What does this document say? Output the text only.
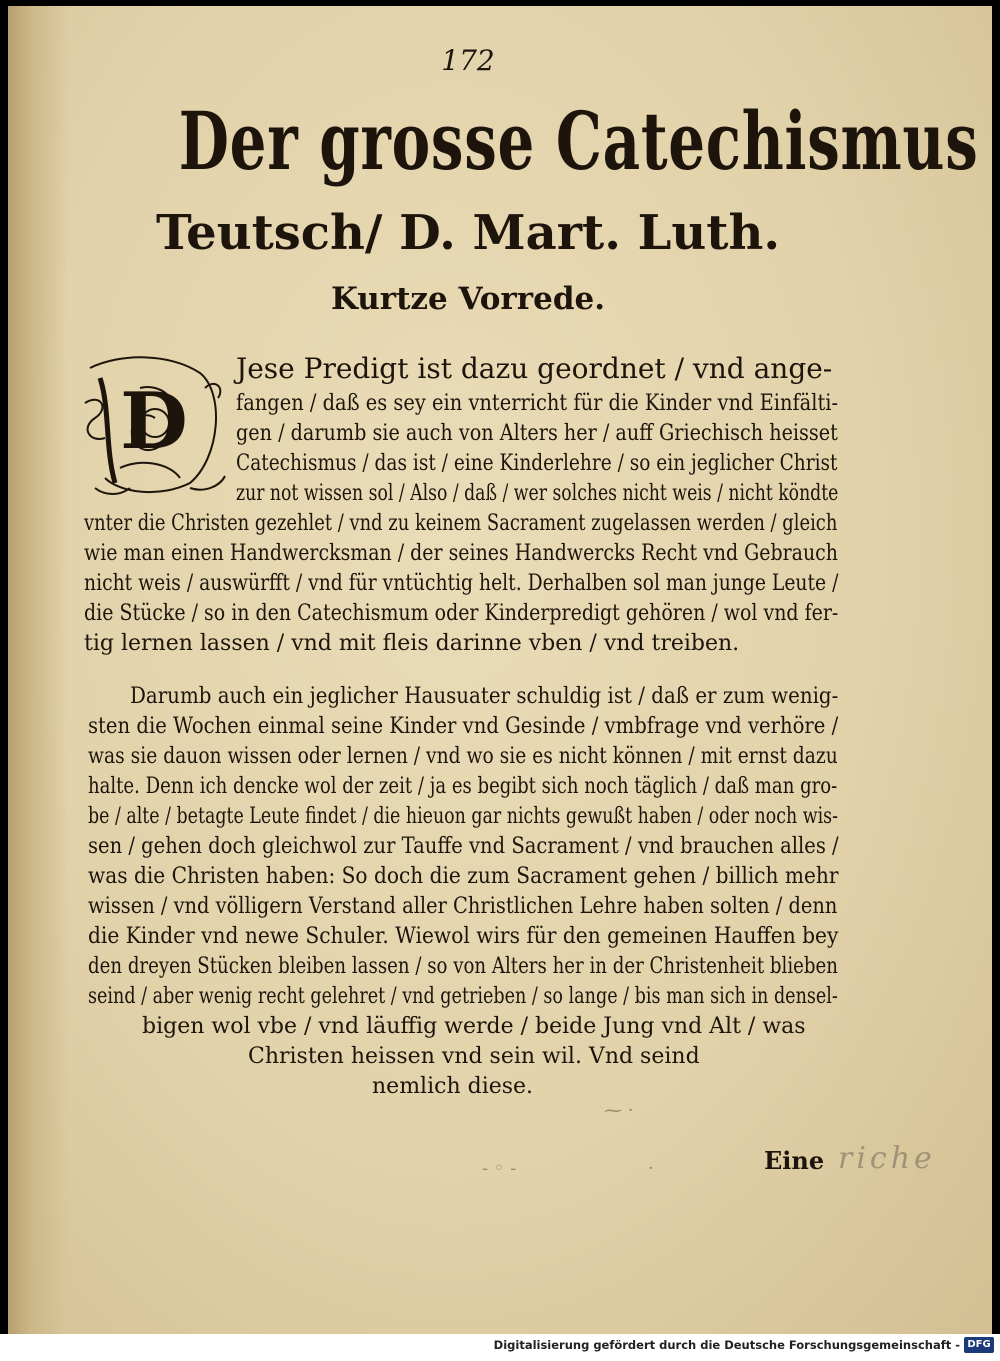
172
Der grosse Catechismus
Teutsch/ D. Mart. Luth.
Kurtze Vorrede.
D
Jese Predigt ist dazu geordnet / vnd ange-
fangen / daß es sey ein vnterricht für die Kinder vnd Einfälti-
gen / darumb sie auch von Alters her / auff Griechisch heisset
Catechismus / das ist / eine Kinderlehre / so ein jeglicher Christ
zur not wissen sol / Also / daß / wer solches nicht weis / nicht köndte
vnter die Christen gezehlet / vnd zu keinem Sacrament zugelassen werden / gleich
wie man einen Handwercksman / der seines Handwercks Recht vnd Gebrauch
nicht weis / auswürfft / vnd für vntüchtig helt. Derhalben sol man junge Leute /
die Stücke / so in den Catechismum oder Kinderpredigt gehören / wol vnd fer-
tig lernen lassen / vnd mit fleis darinne vben / vnd treiben.
Darumb auch ein jeglicher Hausuater schuldig ist / daß er zum wenig-
sten die Wochen einmal seine Kinder vnd Gesinde / vmbfrage vnd verhöre /
was sie dauon wissen oder lernen / vnd wo sie es nicht können / mit ernst dazu
halte. Denn ich dencke wol der zeit / ja es begibt sich noch täglich / daß man gro-
be / alte / betagte Leute findet / die hieuon gar nichts gewußt haben / oder noch wis-
sen / gehen doch gleichwol zur Tauffe vnd Sacrament / vnd brauchen alles /
was die Christen haben: So doch die zum Sacrament gehen / billich mehr
wissen / vnd völligern Verstand aller Christlichen Lehre haben solten / denn
die Kinder vnd newe Schuler. Wiewol wirs für den gemeinen Hauffen bey
den dreyen Stücken bleiben lassen / so von Alters her in der Christenheit blieben
seind / aber wenig recht gelehret / vnd getrieben / so lange / bis man sich in densel-
bigen wol vbe / vnd läuffig werde / beide Jung vnd Alt / was
Christen heissen vnd sein wil. Vnd seind
nemlich diese.
⁓ ·
- ◦ -	·	Eine riche
Digitalisierung gefördert durch die Deutsche Forschungsgemeinschaft - DFG
